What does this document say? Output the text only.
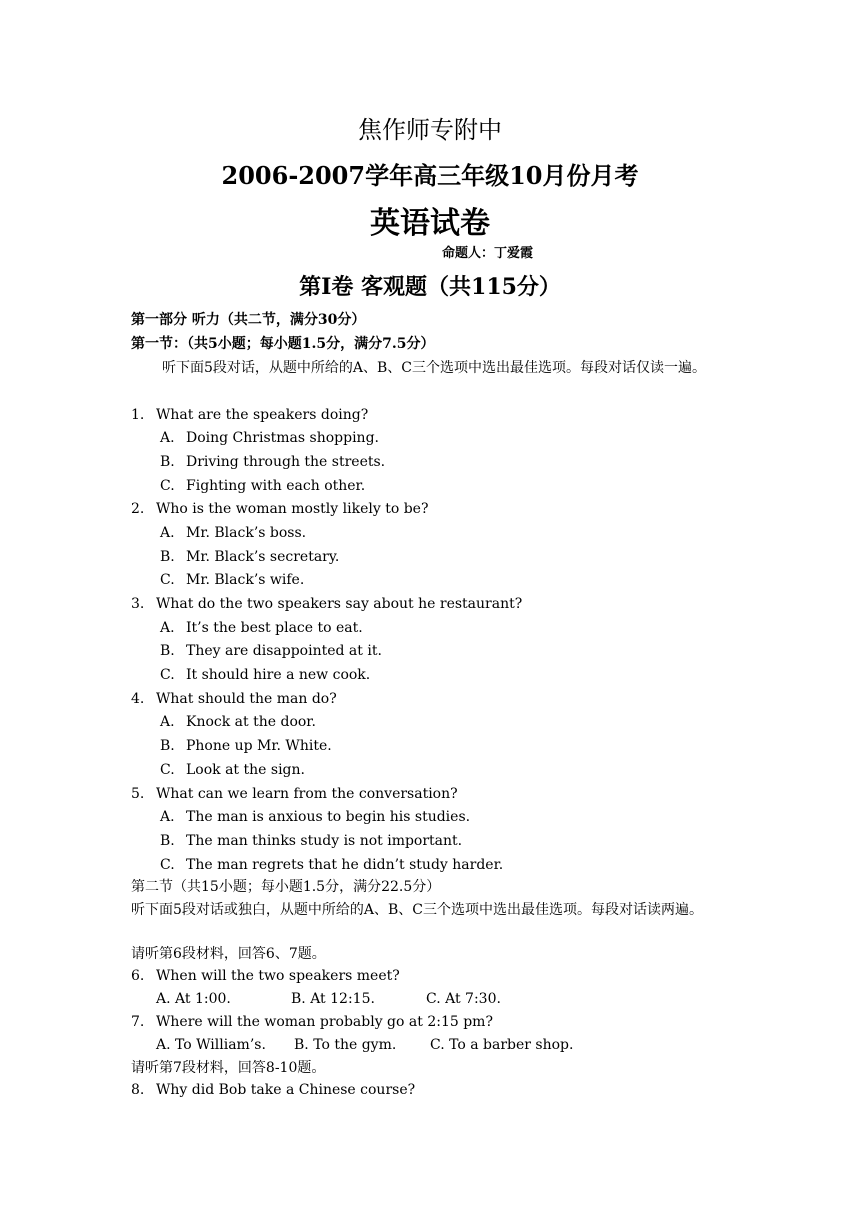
焦作师专附中
2006-2007学年高三年级10月份月考
英语试卷
命题人：丁爱霞
第Ⅰ卷 客观题（共115分）
第一部分 听力（共二节，满分30分）
第一节：（共5小题；每小题1.5分，满分7.5分）
听下面5段对话，从题中所给的A、B、C三个选项中选出最佳选项。每段对话仅读一遍。
1. What are the speakers doing?
A. Doing Christmas shopping.
B. Driving through the streets.
C. Fighting with each other.
2. Who is the woman mostly likely to be?
A. Mr. Black’s boss.
B. Mr. Black’s secretary.
C. Mr. Black’s wife.
3. What do the two speakers say about he restaurant?
A. It’s the best place to eat.
B. They are disappointed at it.
C. It should hire a new cook.
4. What should the man do?
A. Knock at the door.
B. Phone up Mr. White.
C. Look at the sign.
5. What can we learn from the conversation?
A. The man is anxious to begin his studies.
B. The man thinks study is not important.
C. The man regrets that he didn’t study harder.
第二节（共15小题；每小题1.5分，满分22.5分）
听下面5段对话或独白，从题中所给的A、B、C三个选项中选出最佳选项。每段对话读两遍。
请听第6段材料，回答6、7题。
6. When will the two speakers meet?
A. At 1:00.	B. At 12:15.	C. At 7:30.
7. Where will the woman probably go at 2:15 pm?
A. To William’s. B. To the gym. C. To a barber shop.
请听第7段材料，回答8-10题。
8. Why did Bob take a Chinese course?
